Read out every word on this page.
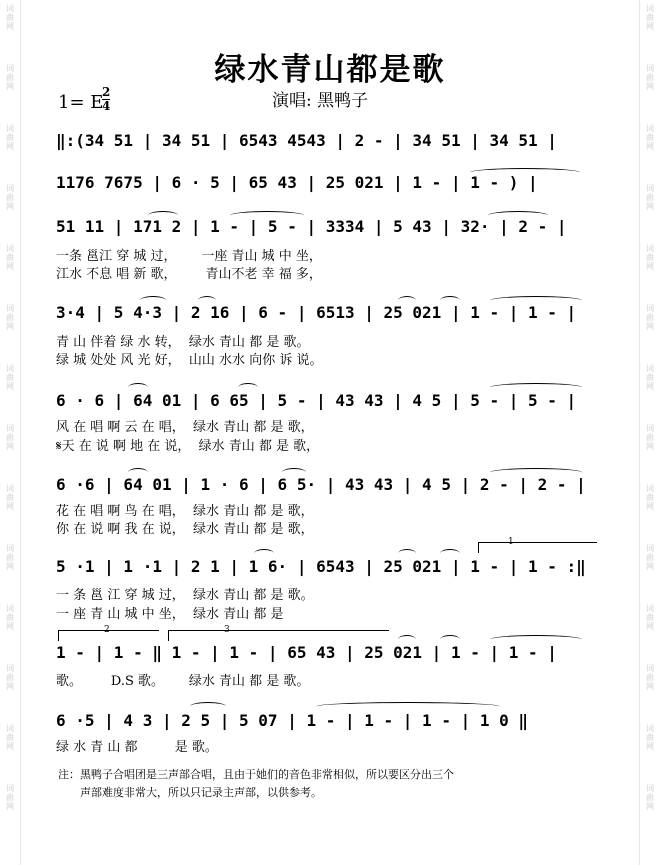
词
曲
网
词
曲
网
词
曲
网
词
曲
网
词
曲
网
词
曲
网
词
曲
网
词
曲
网
词
曲
网
词
曲
网
词
曲
网
词
曲
网
词
曲
网
词
曲
网
词
曲
网
词
曲
网
词
曲
网
词
曲
网
词
曲
网
词
曲
网
词
曲
网
词
曲
网
词
曲
网
词
曲
网
词
曲
网
词
曲
网
词
曲
网
词
曲
网
绿水青山都是歌
演唱: 黑鸭子
1= E
2
4
‖:(34 51 | 34 51 | 6543 4543 | 2 - | 34 51 | 34 51 |
1176 7675 | 6 · 5 | 65 43 | 25 021 | 1 - | 1 - ) |
51 11 | 171 2 | 1 - | 5 - | 3334 | 5 43 | 32· | 2 - |
一条 邕江 穿 城 过，      一座 青山 城 中 坐，
江水 不息 唱 新 歌，       青山不老 幸 福 多，
3·4 | 5 4·3 | 2 16 | 6 - | 6513 | 25 021 | 1 - | 1 - |
青 山 伴着 绿 水 转，  绿水 青山 都 是 歌。
绿 城 处处 风 光 好，  山山 水水 向你 诉 说。
6 · 6 | 64 01 | 6 65 | 5 - | 43 43 | 4 5 | 5 - | 5 - |
风 在 唱 啊 云 在 唱，  绿水 青山 都 是 歌，
𝄋天 在 说 啊 地 在 说，  绿水 青山 都 是 歌，
6 ·6 | 64 01 | 1 · 6 | 6 5· | 43 43 | 4 5 | 2 - | 2 - |
花 在 唱 啊 鸟 在 唱，  绿水 青山 都 是 歌，
你 在 说 啊 我 在 说，  绿水 青山 都 是 歌，
1
5 ·1 | 1 ·1 | 2 1 | 1 6· | 6543 | 25 021 | 1 - | 1 - :‖
一 条 邕 江 穿 城 过，  绿水 青山 都 是 歌。
一 座 青 山 城 中 坐，  绿水 青山 都 是
2	3
1 - | 1 - ‖ 1 - | 1 - | 65 43 | 25 021 | 1 - | 1 - |
歌。       D.S 歌。      绿水 青山 都 是 歌。
6 ·5 | 4 3 | 2 5 | 5 07 | 1 - | 1 - | 1 - | 1 0 ‖
绿 水 青 山 都         是 歌。
注：黑鸭子合唱团是三声部合唱，且由于她们的音色非常相似，所以要区分出三个
声部难度非常大，所以只记录主声部，以供参考。
